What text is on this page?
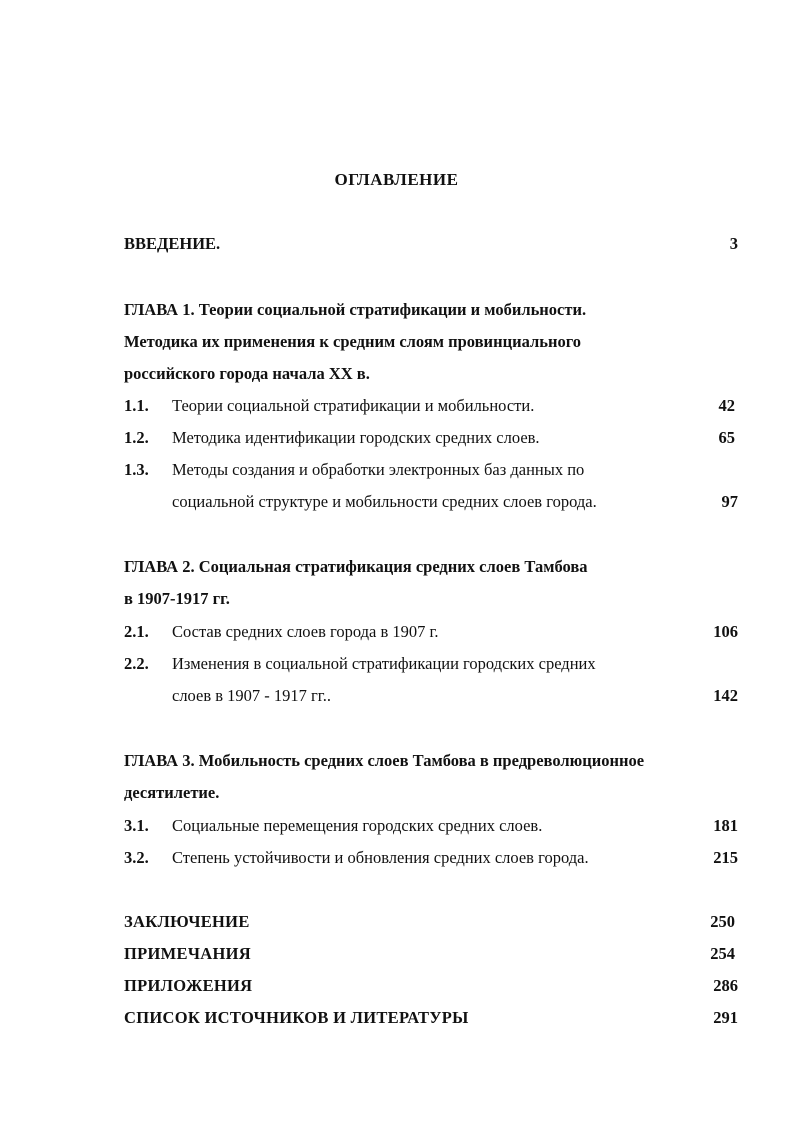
ОГЛАВЛЕНИЕ
ВВЕДЕНИЕ.	3
ГЛАВА 1. Теории социальной стратификации и мобильности.
Методика их применения к средним слоям провинциального
российского города начала XX в.
1.1. Теории социальной стратификации и мобильности.	42
1.2. Методика идентификации городских средних слоев.	65
1.3. Методы создания и обработки электронных баз данных по
социальной структуре и мобильности средних слоев города.	97
ГЛАВА 2. Социальная стратификация средних слоев Тамбова
в 1907-1917 гг.
2.1. Состав средних слоев города в 1907 г.	106
2.2. Изменения в социальной стратификации городских средних
слоев в 1907 - 1917 гг..	142
ГЛАВА 3. Мобильность средних слоев Тамбова в предреволюционное
десятилетие.
3.1. Социальные перемещения городских средних слоев.	181
3.2. Степень устойчивости и обновления средних слоев города.	215
ЗАКЛЮЧЕНИЕ	250
ПРИМЕЧАНИЯ	254
ПРИЛОЖЕНИЯ	286
СПИСОК ИСТОЧНИКОВ И ЛИТЕРАТУРЫ	291
